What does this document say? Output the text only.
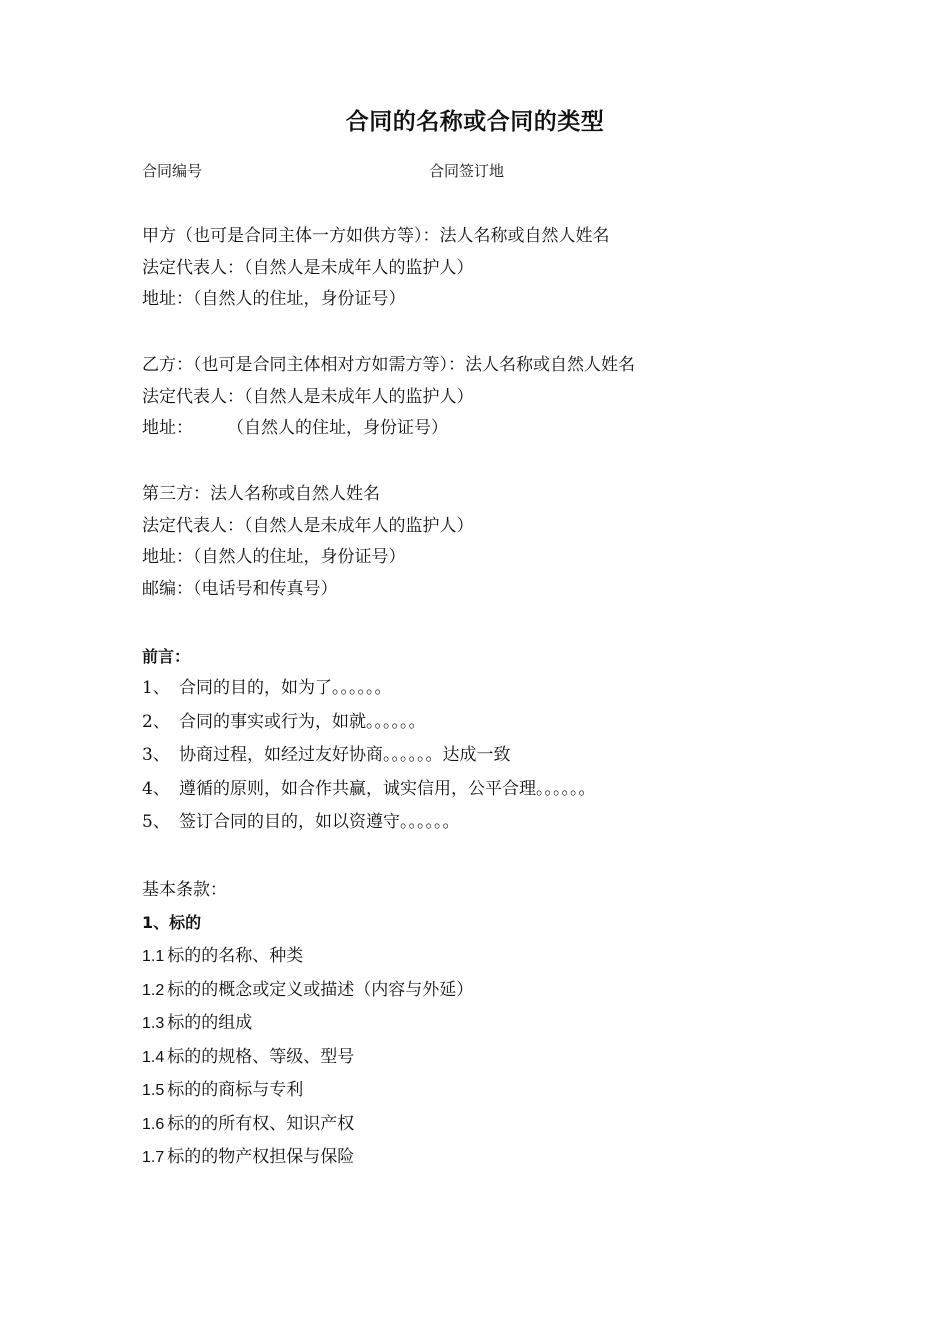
合同的名称或合同的类型
合同编号	合同签订地
甲方（也可是合同主体一方如供方等）：法人名称或自然人姓名
法定代表人：（自然人是未成年人的监护人）
地址：（自然人的住址，身份证号）
乙方：（也可是合同主体相对方如需方等）：法人名称或自然人姓名
法定代表人：（自然人是未成年人的监护人）
地址： （自然人的住址，身份证号）
第三方：法人名称或自然人姓名
法定代表人：（自然人是未成年人的监护人）
地址：（自然人的住址，身份证号）
邮编：（电话号和传真号）
前言：
1、 合同的目的，如为了。。。。。。
2、 合同的事实或行为，如就。。。。。。
3、 协商过程，如经过友好协商。。。。。。达成一致
4、 遵循的原则，如合作共赢，诚实信用，公平合理。。。。。。
5、 签订合同的目的，如以资遵守。。。。。。
基本条款：
1、标的
1.1 标的的名称、种类
1.2 标的的概念或定义或描述（内容与外延）
1.3 标的的组成
1.4 标的的规格、等级、型号
1.5 标的的商标与专利
1.6 标的的所有权、知识产权
1.7 标的的物产权担保与保险
